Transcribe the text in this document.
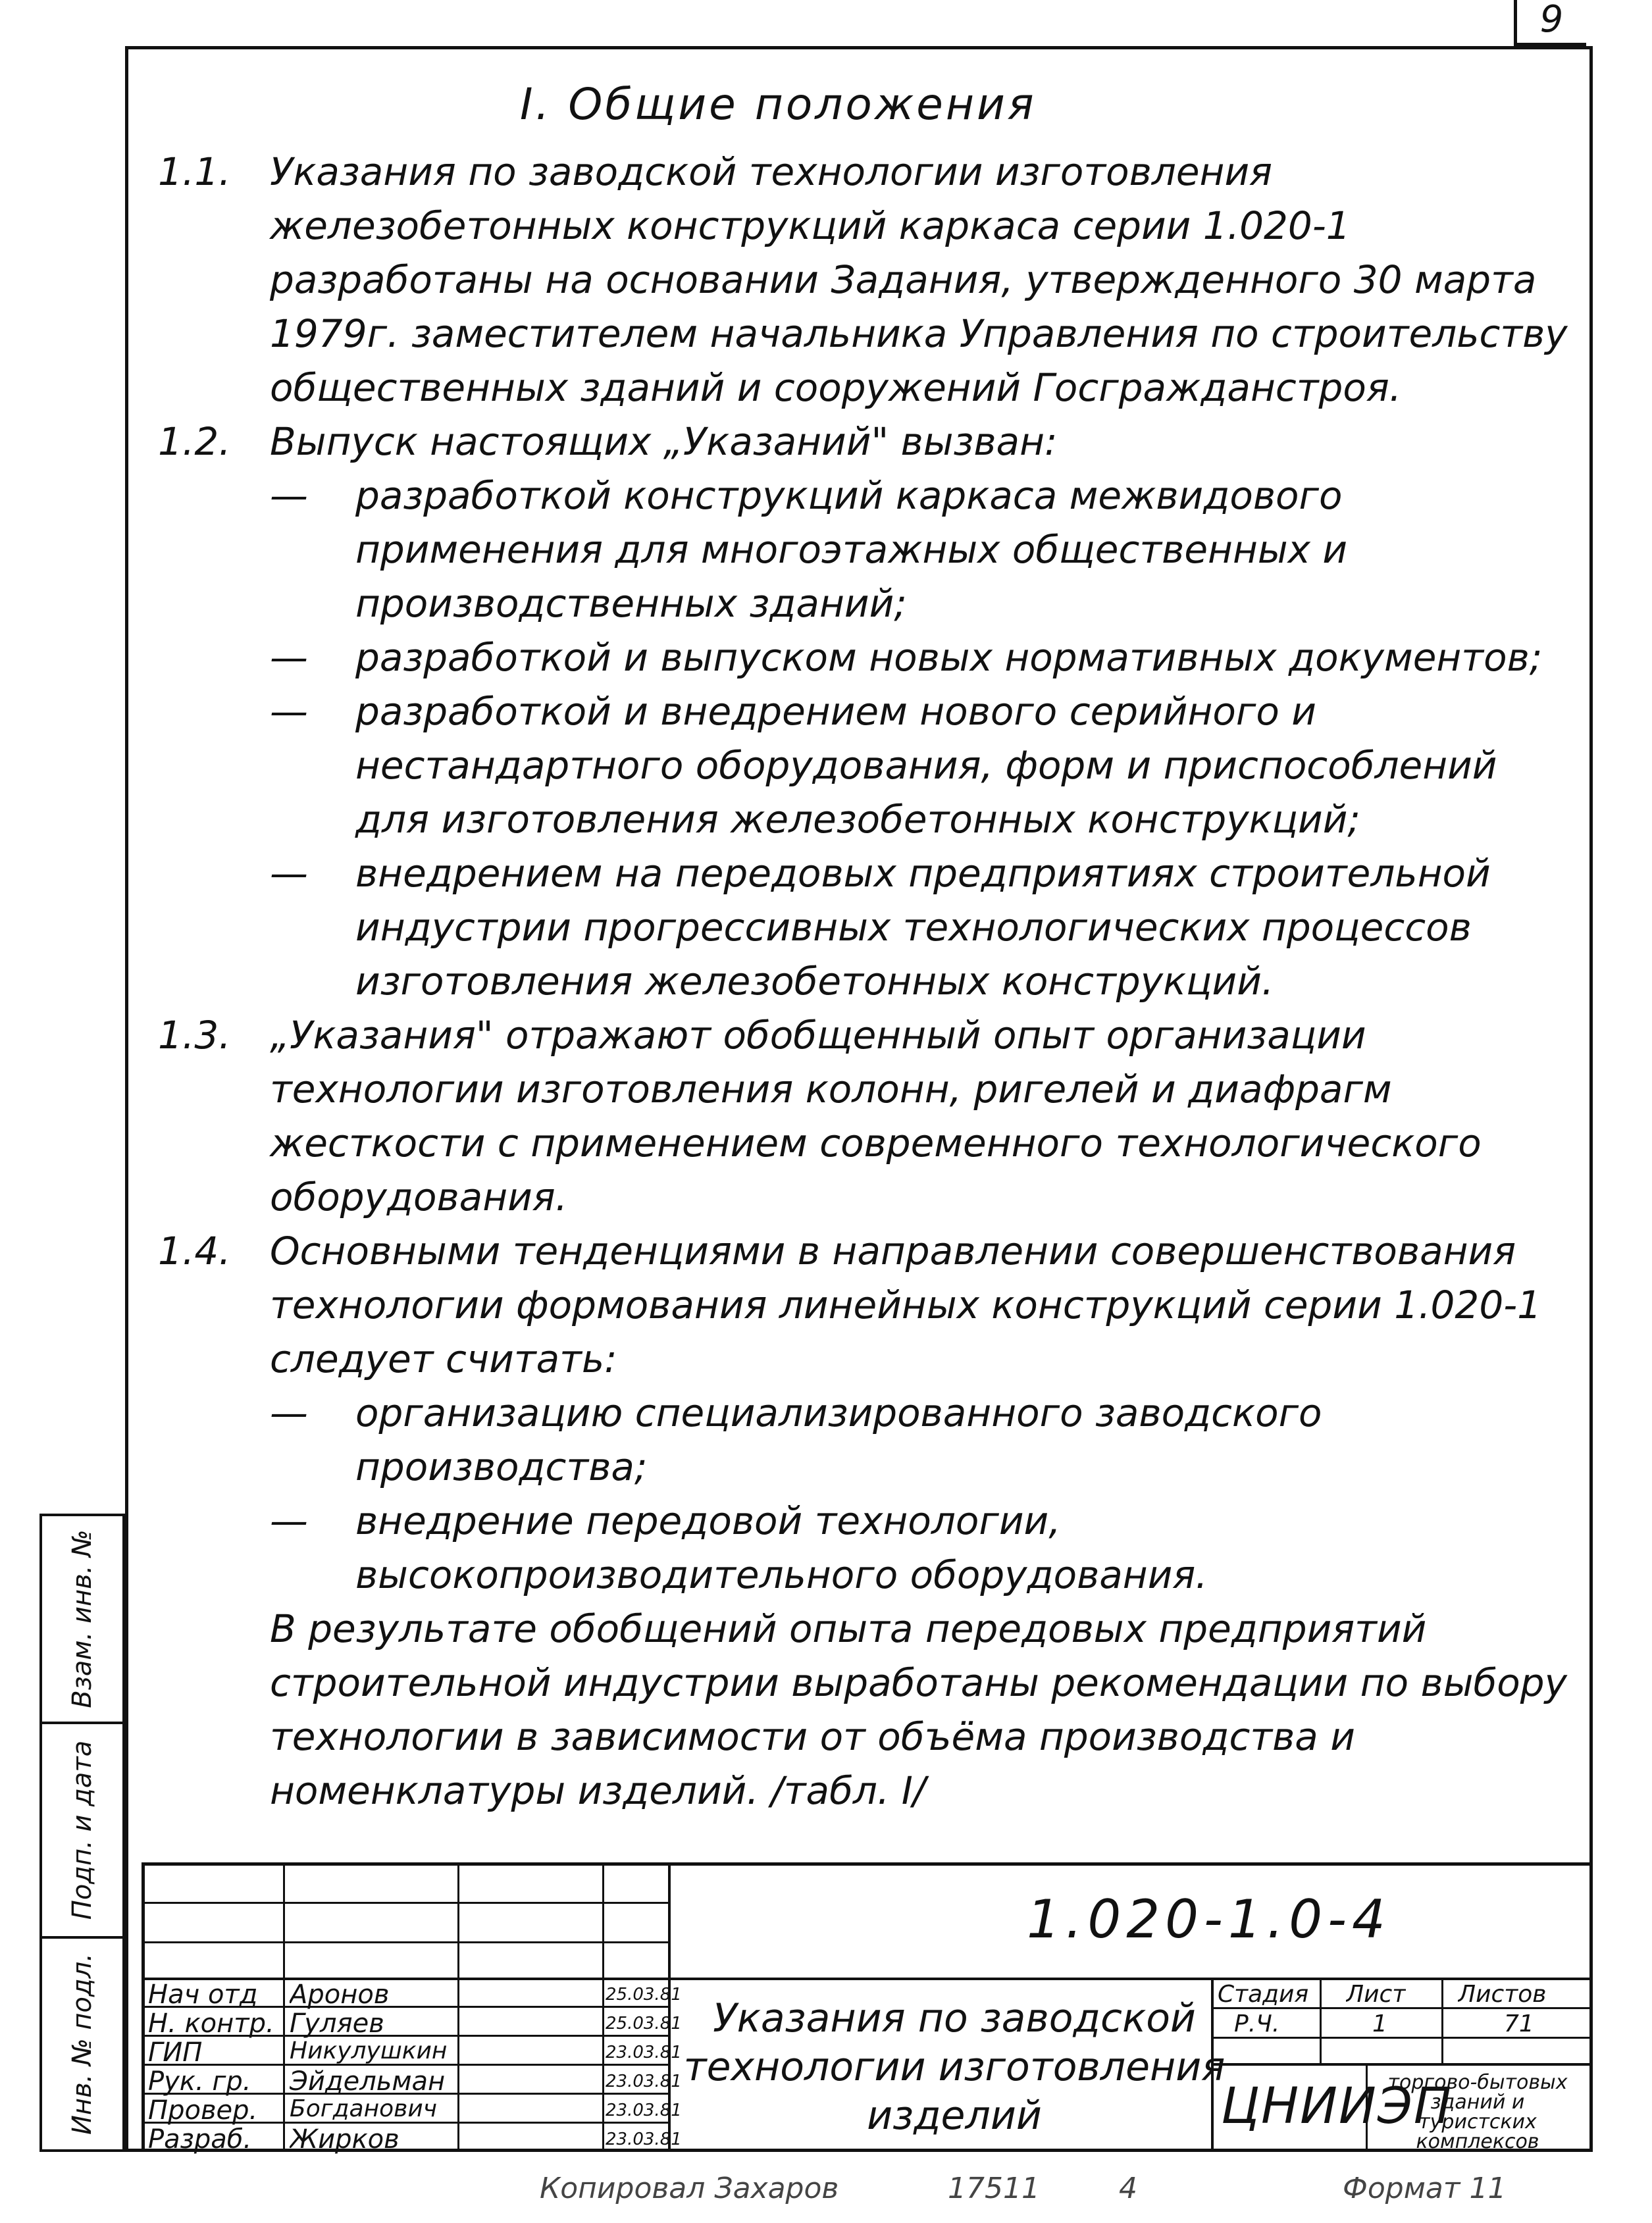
9
I. Общие положения
1.1. Указания по заводской технологии изготовления железобетонных конструкций каркаса серии 1.020-1 разработаны на основании Задания, утвержденного 30 марта 1979г. заместителем начальника Управления по строительству общественных зданий и сооружений Госгражданстроя.
1.2. Выпуск настоящих „Указаний" вызван:
— разработкой конструкций каркаса межвидового применения для многоэтажных общественных и производственных зданий;
— разработкой и выпуском новых нормативных документов;
— разработкой и внедрением нового серийного и нестандартного оборудования, форм и приспособлений для изготовления железобетонных конструкций;
— внедрением на передовых предприятиях строительной индустрии прогрессивных технологических процессов изготовления железобетонных конструкций.
1.3. „Указания" отражают обобщенный опыт организации технологии изготовления колонн, ригелей и диафрагм жесткости с применением современного технологического оборудования.
1.4. Основными тенденциями в направлении совершенствования технологии формования линейных конструкций серии 1.020-1 следует считать:
— организацию специализированного заводского производства;
— внедрение передовой технологии, высокопроизводительного оборудования.
В результате обобщений опыта передовых предприятий строительной индустрии выработаны рекомендации по выбору технологии в зависимости от объёма производства и номенклатуры изделий. /табл. I/
Взам. инв. №
Подп. и дата
Инв. № подл. Нач отд Аронов	25.03.81
Н. контр. Гуляев	25.03.81
ГИП	Никулушкин	23.03.81
Рук. гр. Эйдельман	23.03.81
Провер. Богданович	23.03.81
Разраб. Жирков	23.03.81
Стадия Лист Листов
Р.Ч.	1	71
1.020-1.0-4
Указания по заводской технологии изготовления изделий	ЦНИИЭП
торгово-бытовых зданий и туристских комплексов
Копировал Захаров	17511	4	Формат 11
